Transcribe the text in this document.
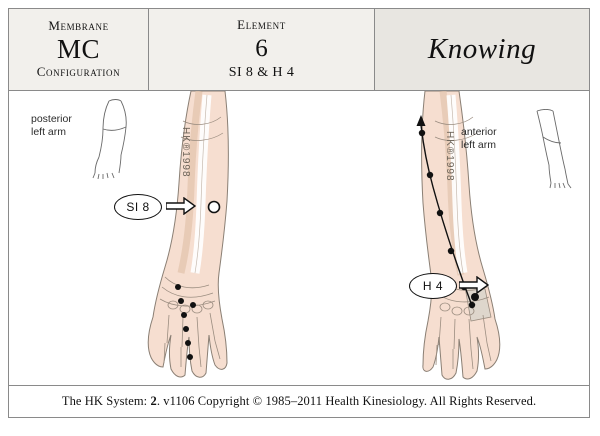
Membrane
MC
Configuration
Element
6
SI 8 & H 4
Knowing
HK®1998	HK®1998
posterior
left arm	anterior
left arm
SI 8
H 4
The HK System: 2. v1106 Copyright © 1985–2011 Health Kinesiology. All Rights Reserved.
